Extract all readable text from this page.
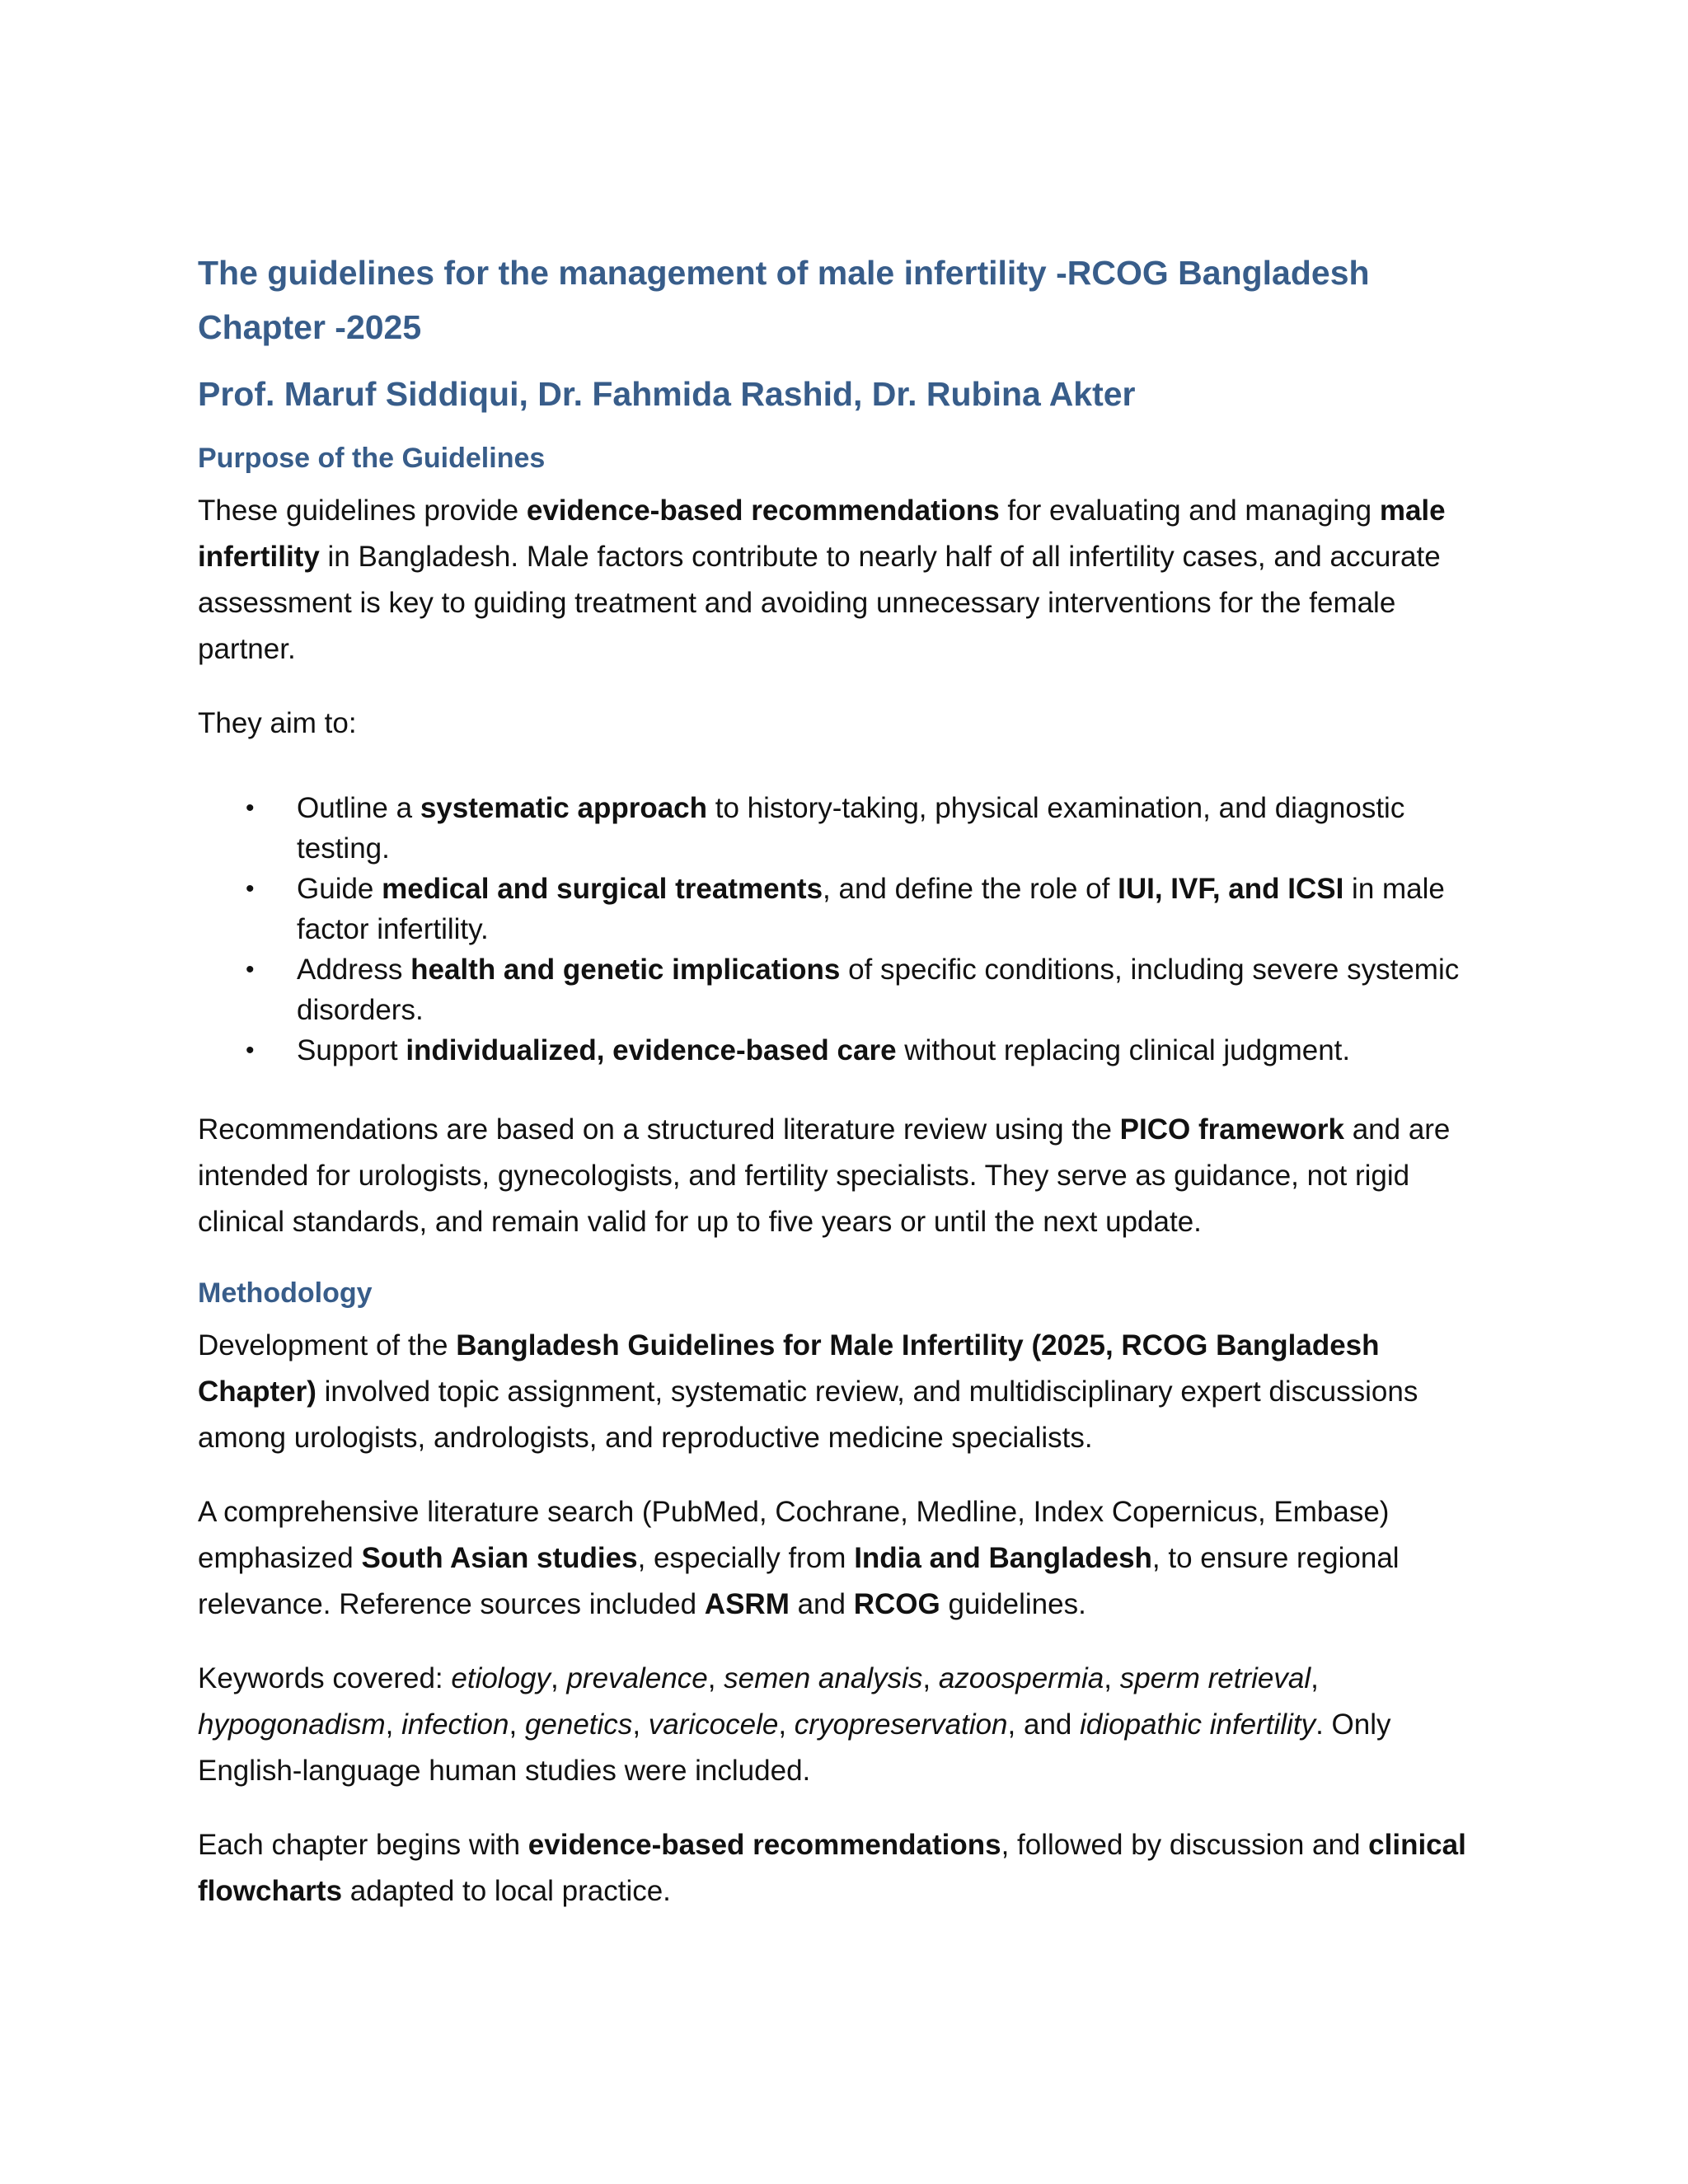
The guidelines for the management of male infertility -RCOG Bangladesh Chapter -2025
Prof. Maruf Siddiqui, Dr. Fahmida Rashid, Dr. Rubina Akter
Purpose of the Guidelines

These guidelines provide evidence-based recommendations for evaluating and managing male infertility in Bangladesh. Male factors contribute to nearly half of all infertility cases, and accurate assessment is key to guiding treatment and avoiding unnecessary interventions for the female partner.

They aim to:

• Outline a systematic approach to history-taking, physical examination, and diagnostic testing.
• Guide medical and surgical treatments, and define the role of IUI, IVF, and ICSI in male factor infertility.
• Address health and genetic implications of specific conditions, including severe systemic disorders.
• Support individualized, evidence-based care without replacing clinical judgment.

Recommendations are based on a structured literature review using the PICO framework and are intended for urologists, gynecologists, and fertility specialists. They serve as guidance, not rigid clinical standards, and remain valid for up to five years or until the next update.

Methodology

Development of the Bangladesh Guidelines for Male Infertility (2025, RCOG Bangladesh Chapter) involved topic assignment, systematic review, and multidisciplinary expert discussions among urologists, andrologists, and reproductive medicine specialists.

A comprehensive literature search (PubMed, Cochrane, Medline, Index Copernicus, Embase) emphasized South Asian studies, especially from India and Bangladesh, to ensure regional relevance. Reference sources included ASRM and RCOG guidelines.

Keywords covered: etiology, prevalence, semen analysis, azoospermia, sperm retrieval, hypogonadism, infection, genetics, varicocele, cryopreservation, and idiopathic infertility. Only English-language human studies were included.

Each chapter begins with evidence-based recommendations, followed by discussion and clinical flowcharts adapted to local practice.
